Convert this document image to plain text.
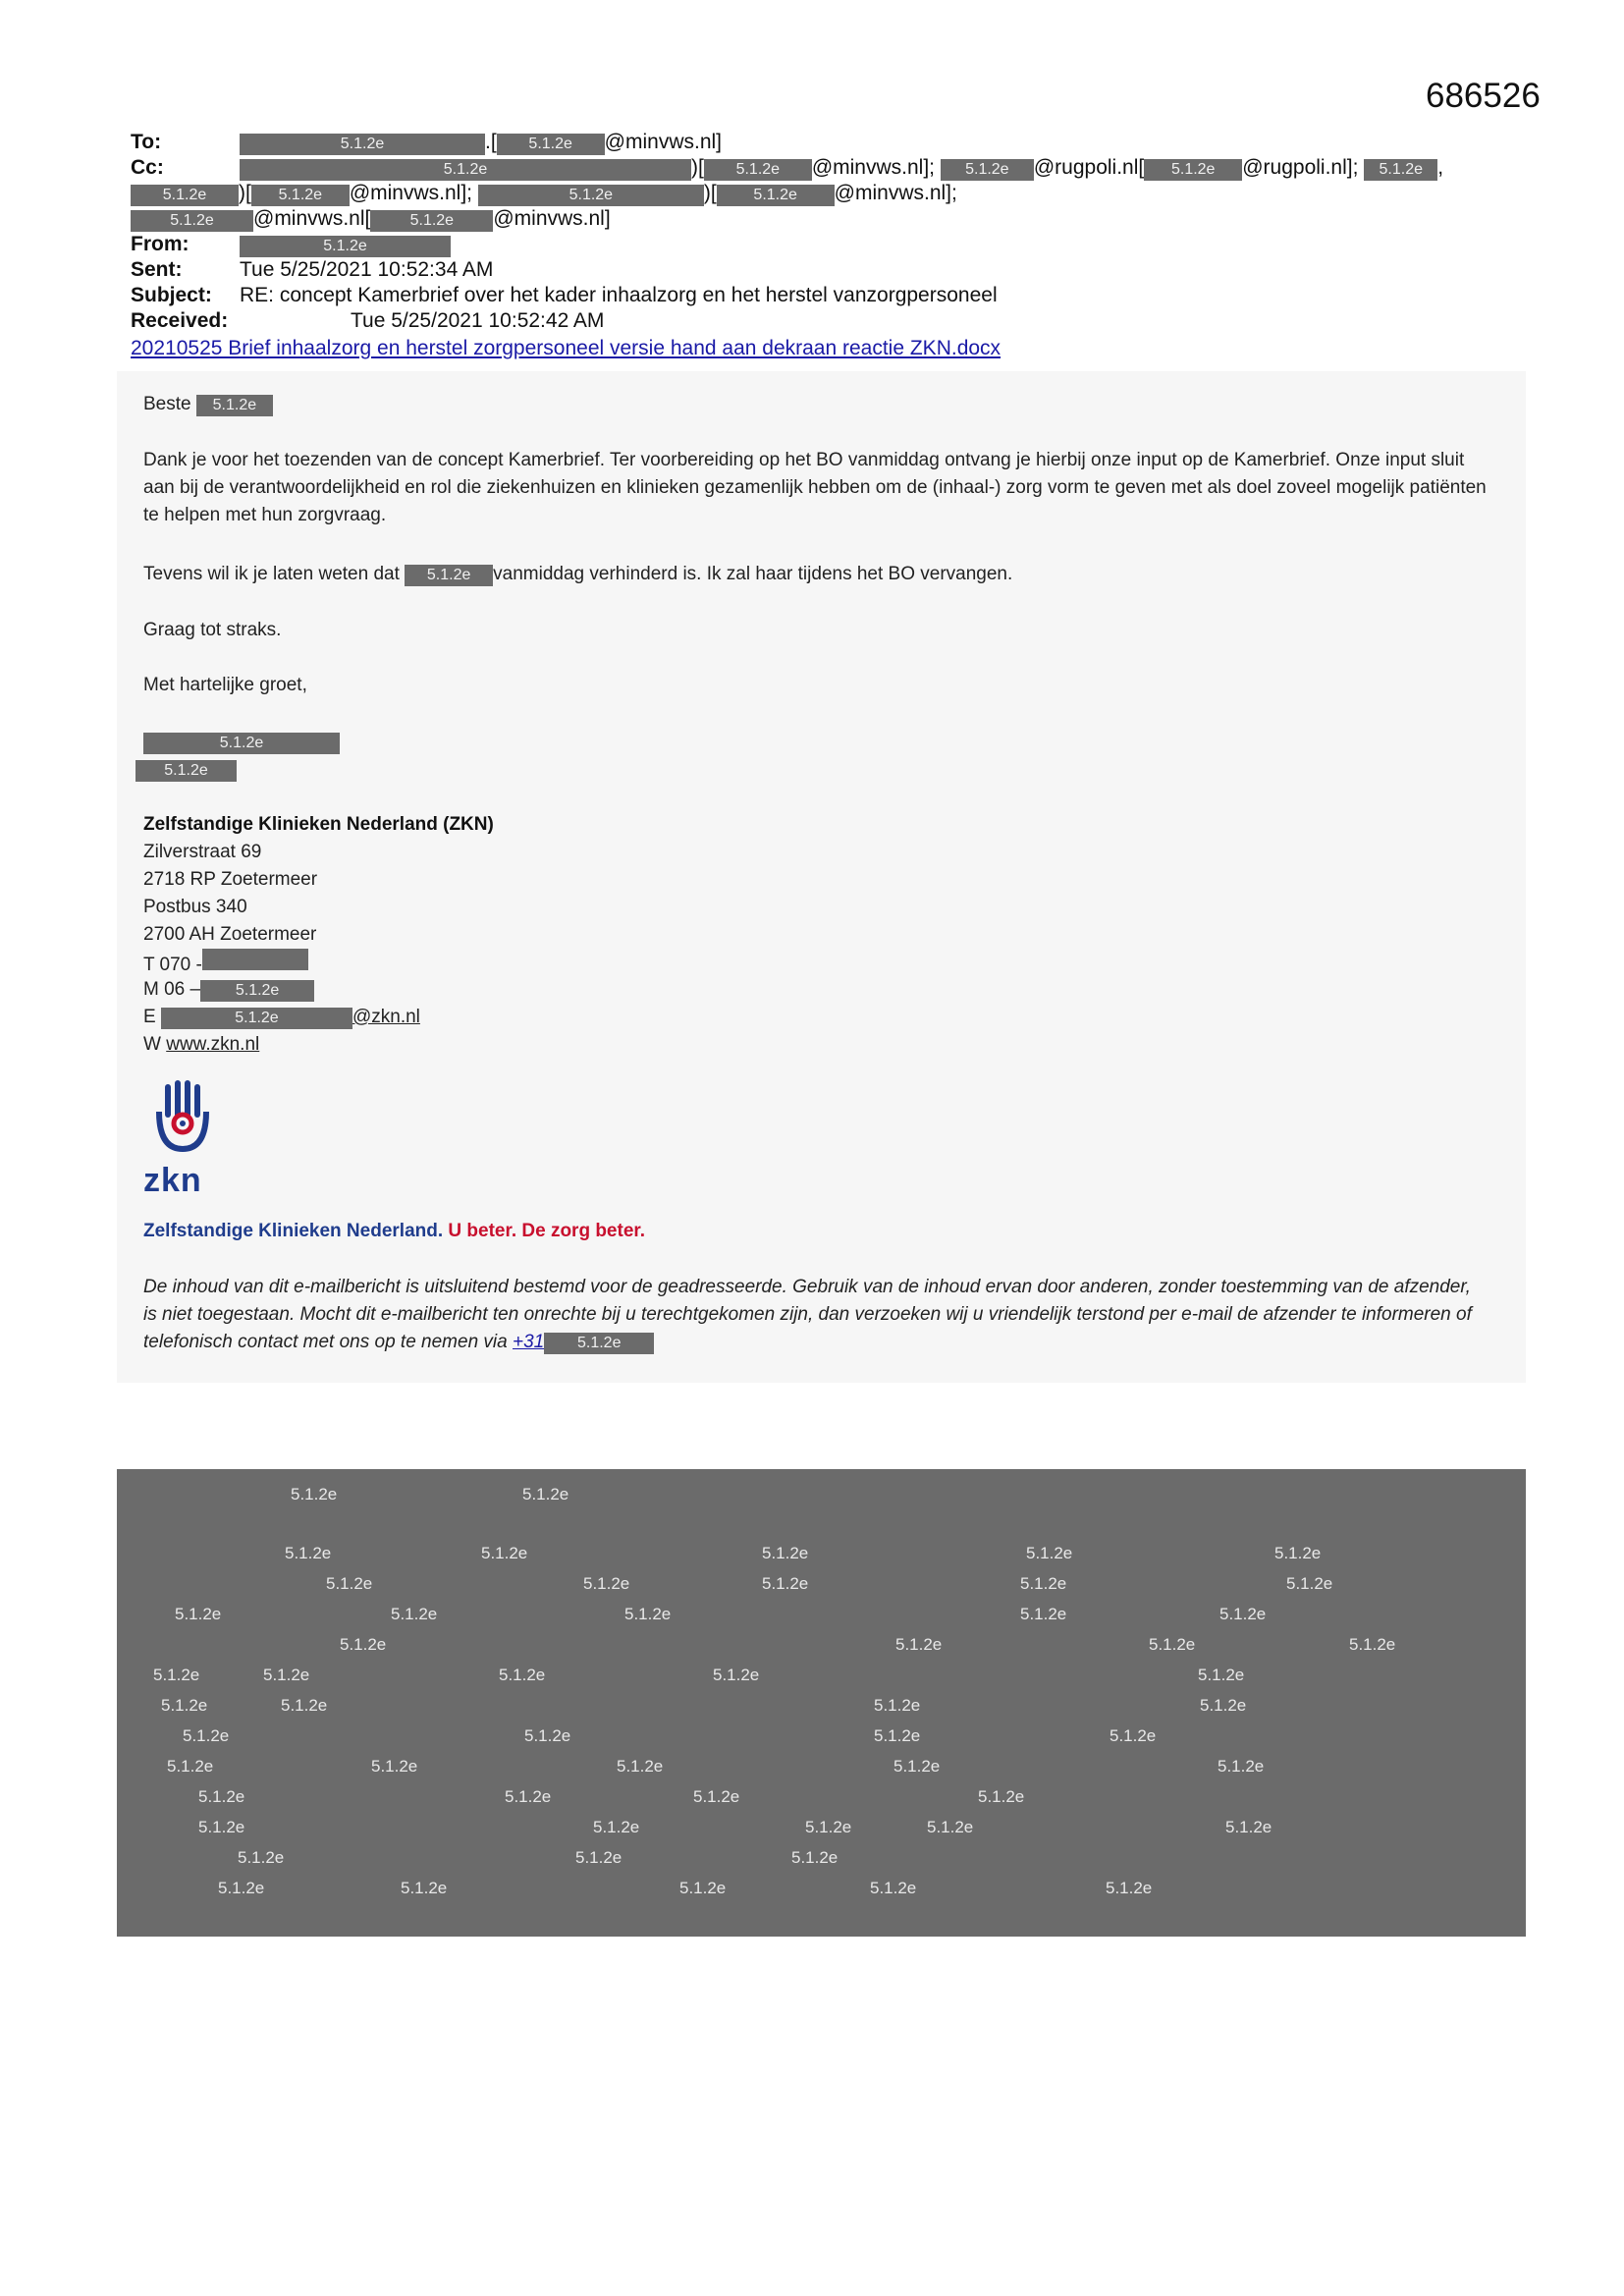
686526
To:	5.1.2e	.[ 5.1.2e @minvws.nl]
Cc:	5.1.2e	)[ 5.1.2e @minvws.nl]; 5.1.2e @rugpoli.nl[ 5.1.2e @rugpoli.nl]; 5.1.2e ,
5.1.2e )[ 5.1.2e @minvws.nl];	5.1.2e	)[ 5.1.2e @minvws.nl];
5.1.2e @minvws.nl[	5.1.2e @minvws.nl]
From:	5.1.2e
Sent:	Tue 5/25/2021 10:52:34 AM
Subject: RE: concept Kamerbrief over het kader inhaalzorg en het herstel vanzorgpersoneel
Received:	Tue 5/25/2021 10:52:42 AM
20210525 Brief inhaalzorg en herstel zorgpersoneel versie hand aan dekraan reactie ZKN.docx
Beste 5.1.2e
Dank je voor het toezenden van de concept Kamerbrief. Ter voorbereiding op het BO vanmiddag ontvang je hierbij onze input op de Kamerbrief. Onze input sluit aan bij de verantwoordelijkheid en rol die ziekenhuizen en klinieken gezamenlijk hebben om de (inhaal-) zorg vorm te geven met als doel zoveel mogelijk patiënten te helpen met hun zorgvraag.
Tevens wil ik je laten weten dat 5.1.2e vanmiddag verhinderd is. Ik zal haar tijdens het BO vervangen.
Graag tot straks.
Met hartelijke groet,
5.1.2e
5.1.2e
Zelfstandige Klinieken Nederland (ZKN)
Zilverstraat 69
2718 RP Zoetermeer
Postbus 340
2700 AH Zoetermeer
T 070 -
M 06 – 5.1.2e
E	5.1.2e	@zkn.nl
W www.zkn.nl
zkn
Zelfstandige Klinieken Nederland. U beter. De zorg beter.
De inhoud van dit e-mailbericht is uitsluitend bestemd voor de geadresseerde. Gebruik van de inhoud ervan door anderen, zonder toestemming van de afzender, is niet toegestaan. Mocht dit e-mailbericht ten onrechte bij u terechtgekomen zijn, dan verzoeken wij u vriendelijk terstond per e-mail de afzender te informeren of telefonisch contact met ons op te nemen via +31 5.1.2e
5.1.2e	5.1.2e
5.1.2e	5.1.2e	5.1.2e	5.1.2e	5.1.2e
5.1.2e	5.1.2e	5.1.2e	5.1.2e	5.1.2e
5.1.2e	5.1.2e	5.1.2e	5.1.2e	5.1.2e
5.1.2e	5.1.2e	5.1.2e	5.1.2e
5.1.2e	5.1.2e	5.1.2e	5.1.2e	5.1.2e
5.1.2e	5.1.2e	5.1.2e	5.1.2e
5.1.2e	5.1.2e	5.1.2e	5.1.2e
5.1.2e	5.1.2e	5.1.2e	5.1.2e	5.1.2e
5.1.2e	5.1.2e	5.1.2e	5.1.2e
5.1.2e	5.1.2e	5.1.2e	5.1.2e	5.1.2e
5.1.2e	5.1.2e	5.1.2e
5.1.2e	5.1.2e	5.1.2e	5.1.2e	5.1.2e
